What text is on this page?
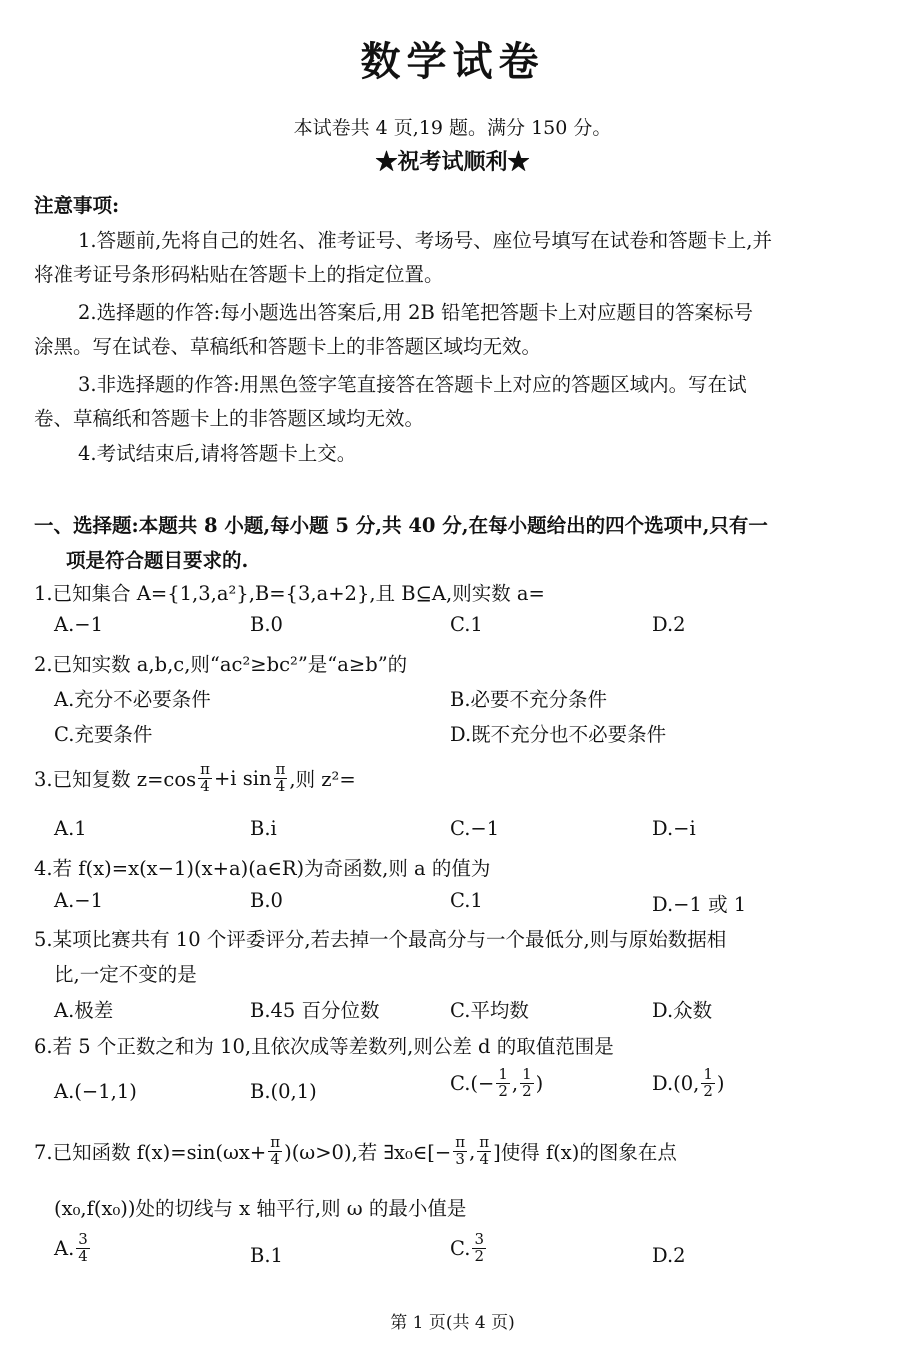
数学试卷
本试卷共 4 页,19 题。满分 150 分。
★祝考试顺利★
注意事项:
1.答题前,先将自己的姓名、准考证号、考场号、座位号填写在试卷和答题卡上,并
将准考证号条形码粘贴在答题卡上的指定位置。
2.选择题的作答:每小题选出答案后,用 2B 铅笔把答题卡上对应题目的答案标号
涂黑。写在试卷、草稿纸和答题卡上的非答题区域均无效。
3.非选择题的作答:用黑色签字笔直接答在答题卡上对应的答题区域内。写在试
卷、草稿纸和答题卡上的非答题区域均无效。
4.考试结束后,请将答题卡上交。
一、选择题:本题共 8 小题,每小题 5 分,共 40 分,在每小题给出的四个选项中,只有一
项是符合题目要求的.
1.已知集合 A={1,3,a²},B={3,a+2},且 B⊆A,则实数 a=
A.−1	B.0	C.1	D.2
2.已知实数 a,b,c,则“ac²≥bc²”是“a≥b”的
A.充分不必要条件	B.必要不充分条件
C.充要条件	D.既不充分也不必要条件
3.已知复数 $z=\cos \frac{\pi}{4} +i$ $\sin \frac{\pi}{4}$ ,则 z²=
A.1	B.i	C.−1	D.−i
4.若 f(x)=x(x−1)(x+a)(a∈R)为奇函数,则 a 的值为
A.−1	B.0	C.1	D.−1 或 1
5.某项比赛共有 10 个评委评分,若去掉一个最高分与一个最低分,则与原始数据相
比,一定不变的是
A.极差	B.45 百分位数	C.平均数	D.众数
6.若 5 个正数之和为 10,且依次成等差数列,则公差 d 的取值范围是
A.(−1,1)	B.(0,1)	$C.(- \frac{1}{2}$ , $\frac{1}{2}$ )	D.(0, $\frac{1}{2}$ )
7.已知函数 $f(x)=\sin(\omega x+ \frac{\pi}{4} )(\omega>0)$,若 ∃x₀∈[− $\frac{\pi}{3}$ , $\frac{\pi}{4}$ ]使得 f(x)的图象在点
(x₀,f(x₀))处的切线与 x 轴平行,则 ω 的最小值是
A. $\frac{3}{4}$	B.1	C. $\frac{3}{2}$	D.2
第 1 页(共 4 页)
